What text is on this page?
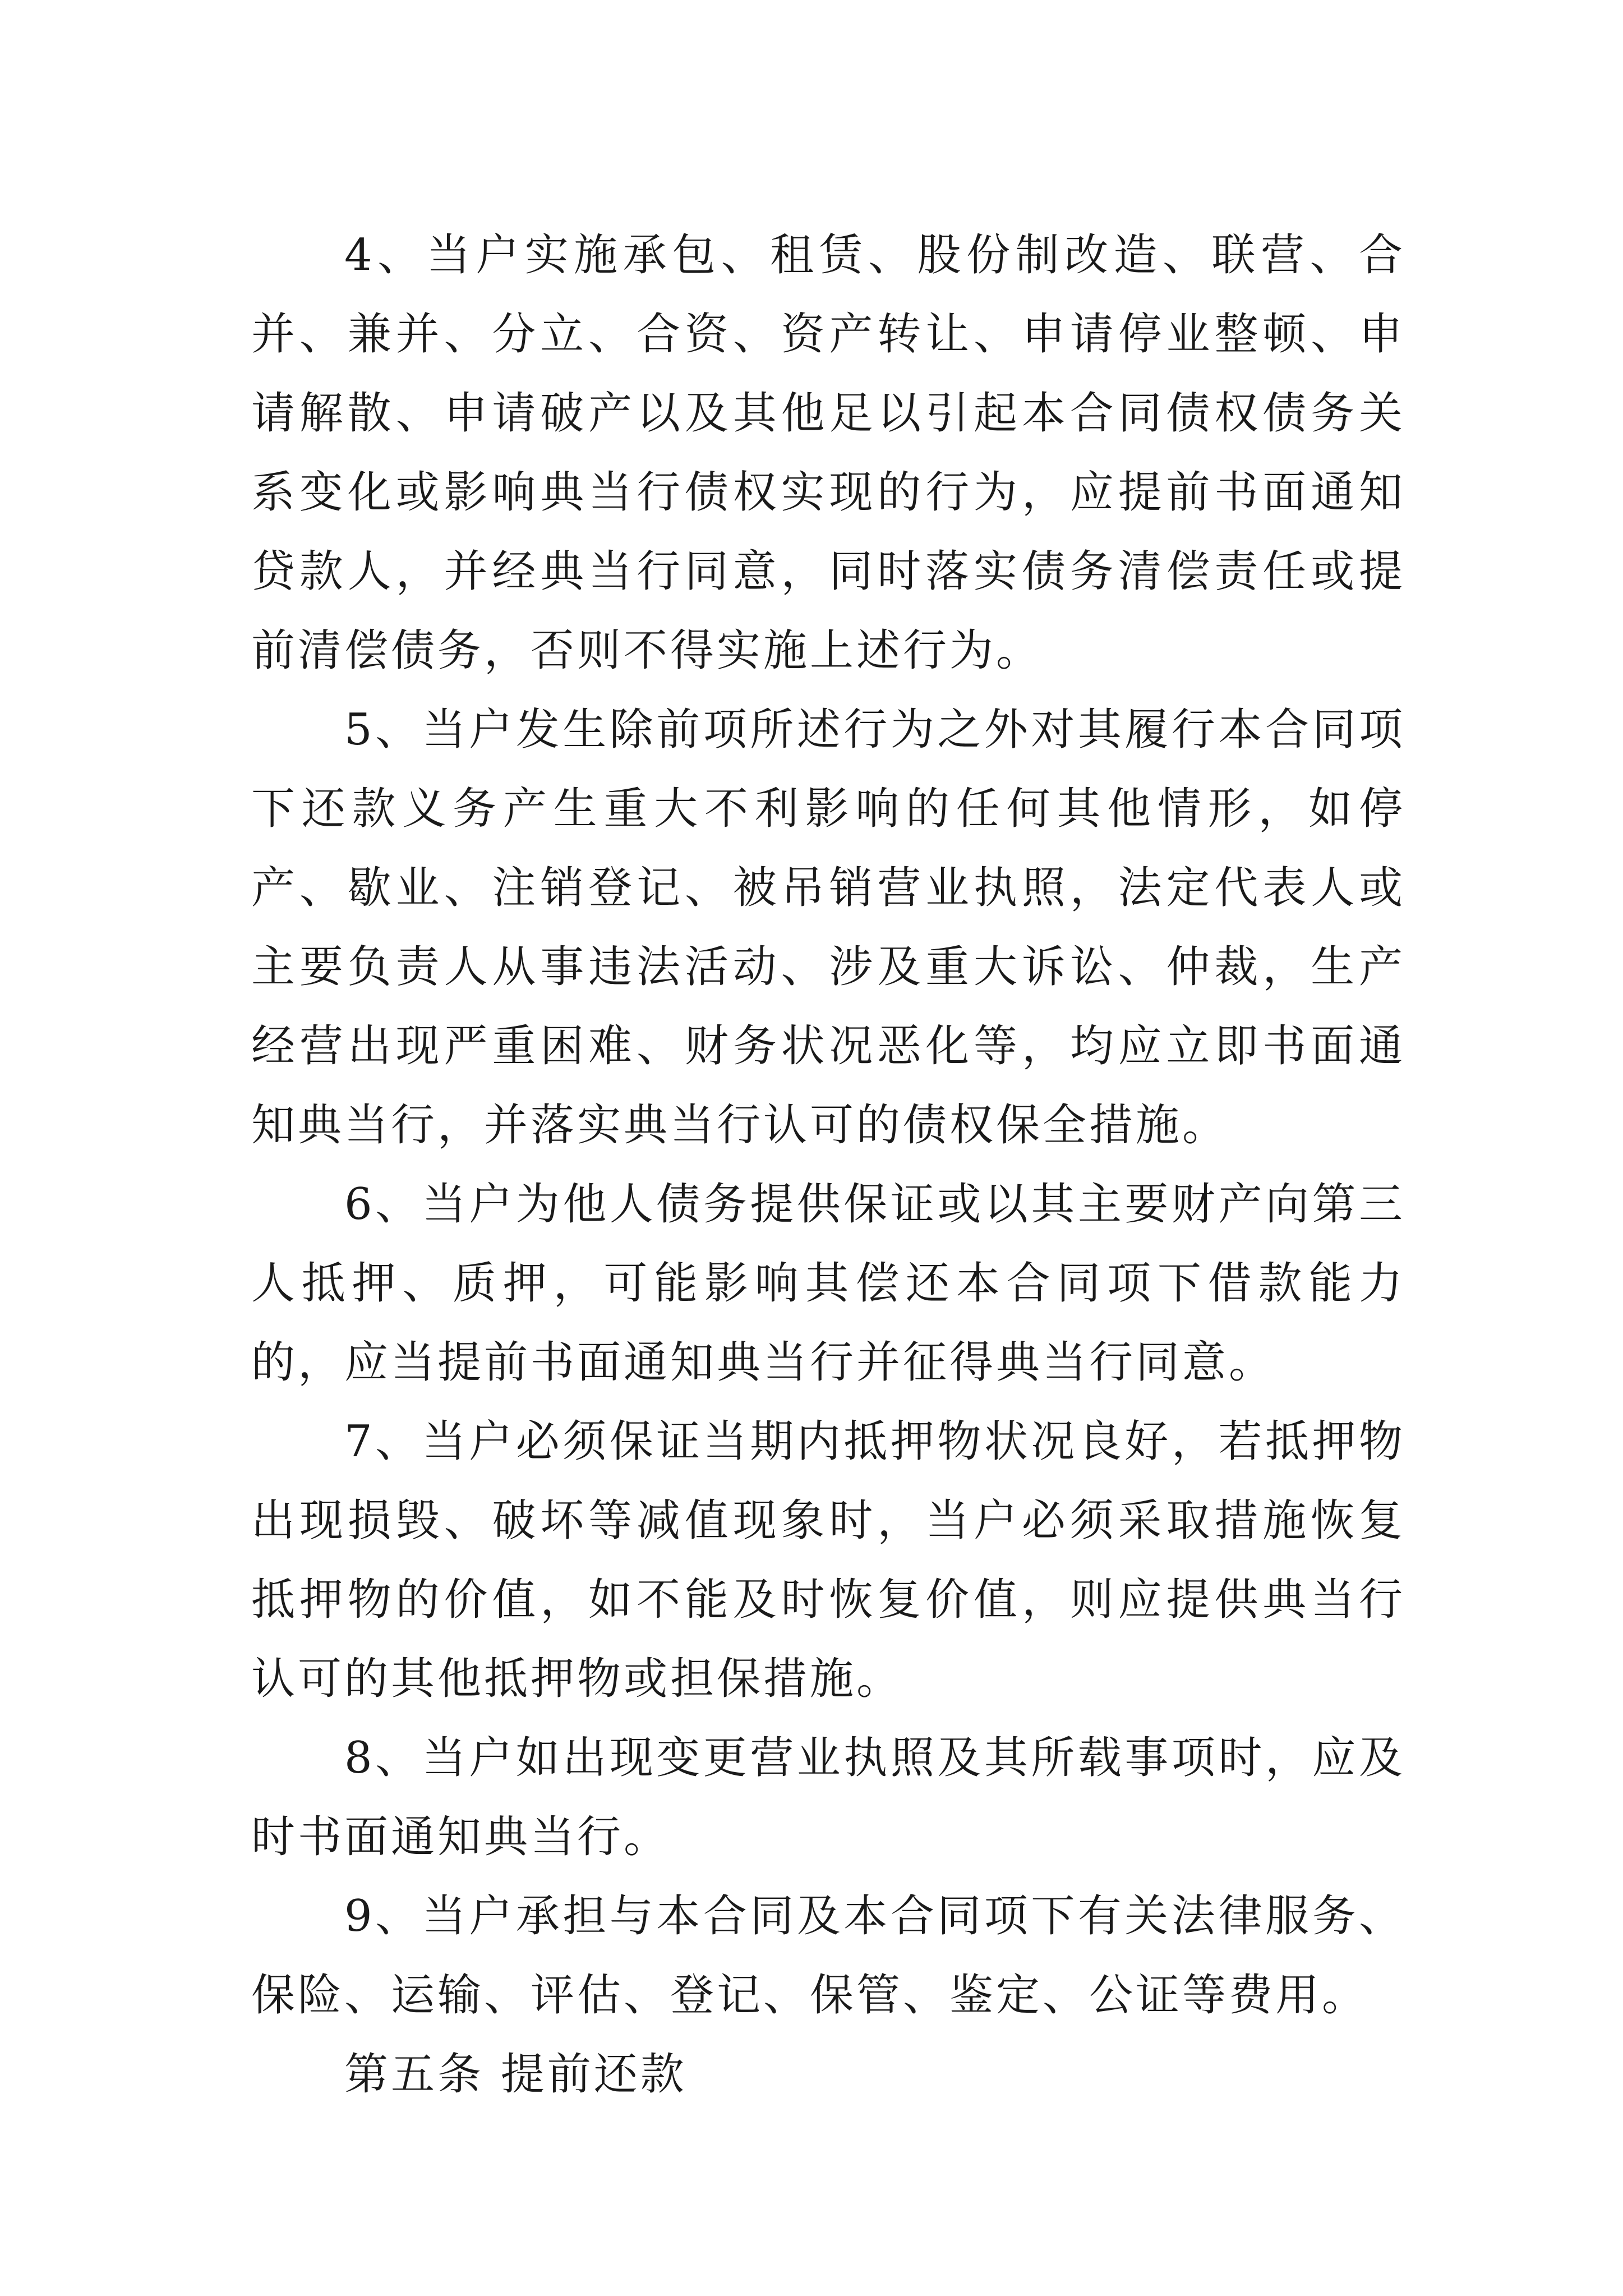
4、当户实施承包、租赁、股份制改造、联营、合并、兼并、分立、合资、资产转让、申请停业整顿、申请解散、申请破产以及其他足以引起本合同债权债务关系变化或影响典当行债权实现的行为，应提前书面通知贷款人，并经典当行同意，同时落实债务清偿责任或提前清偿债务，否则不得实施上述行为。

5、当户发生除前项所述行为之外对其履行本合同项下还款义务产生重大不利影响的任何其他情形，如停产、歇业、注销登记、被吊销营业执照，法定代表人或主要负责人从事违法活动、涉及重大诉讼、仲裁，生产经营出现严重困难、财务状况恶化等，均应立即书面通知典当行，并落实典当行认可的债权保全措施。

6、当户为他人债务提供保证或以其主要财产向第三人抵押、质押，可能影响其偿还本合同项下借款能力的，应当提前书面通知典当行并征得典当行同意。

7、当户必须保证当期内抵押物状况良好，若抵押物出现损毁、破坏等减值现象时，当户必须采取措施恢复抵押物的价值，如不能及时恢复价值，则应提供典当行认可的其他抵押物或担保措施。

8、当户如出现变更营业执照及其所载事项时，应及时书面通知典当行。

9、当户承担与本合同及本合同项下有关法律服务、保险、运输、评估、登记、保管、鉴定、公证等费用。

第五条 提前还款
